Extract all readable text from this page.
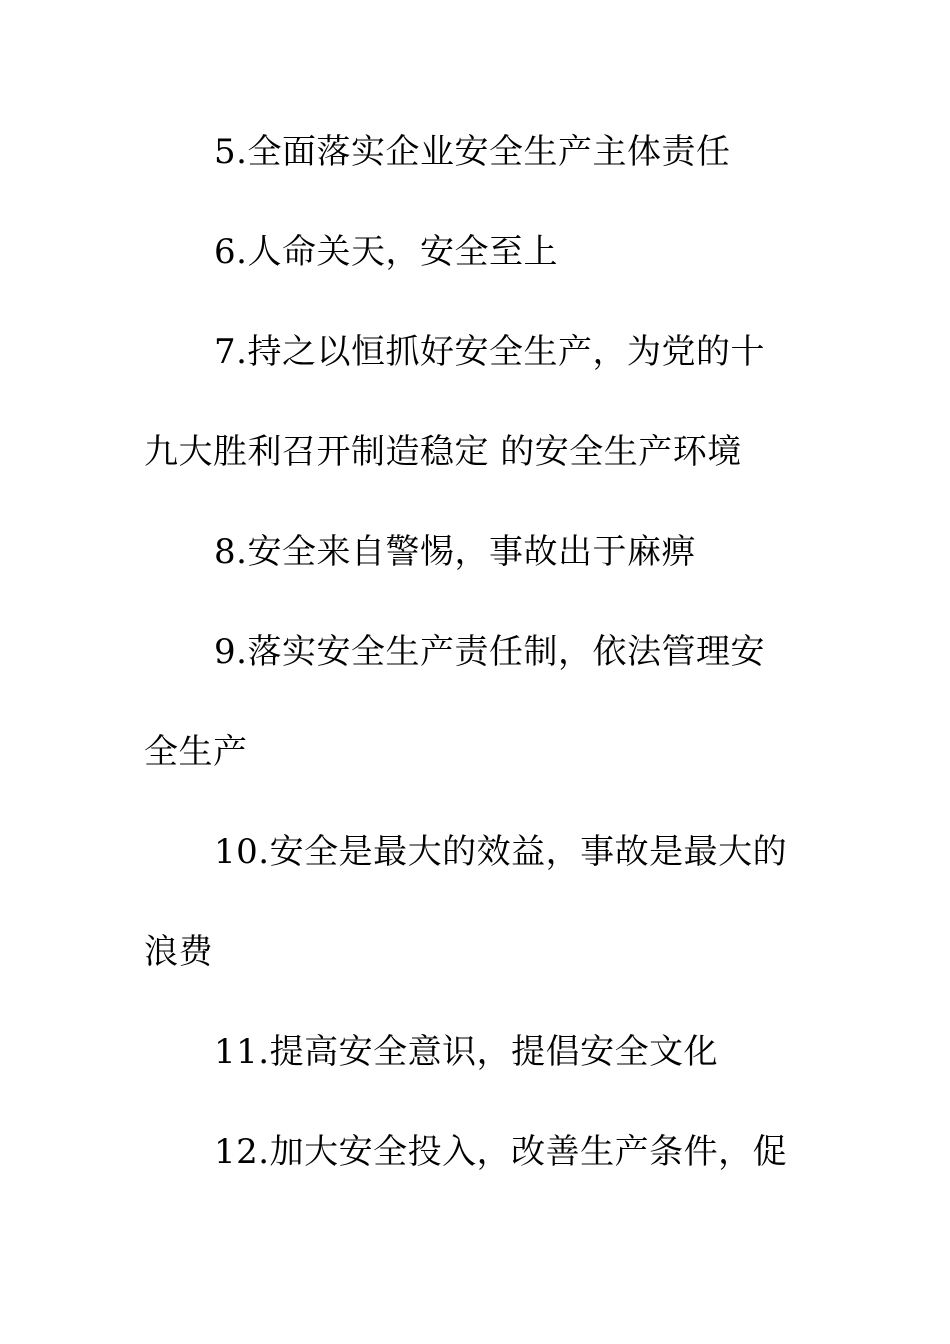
5.全面落实企业安全生产主体责任
6.人命关天，安全至上
7.持之以恒抓好安全生产，为党的十
九大胜利召开制造稳定 的安全生产环境
8.安全来自警惕，事故出于麻痹
9.落实安全生产责任制，依法管理安
全生产
10.安全是最大的效益，事故是最大的
浪费
11.提高安全意识，提倡安全文化
12.加大安全投入，改善生产条件，促
